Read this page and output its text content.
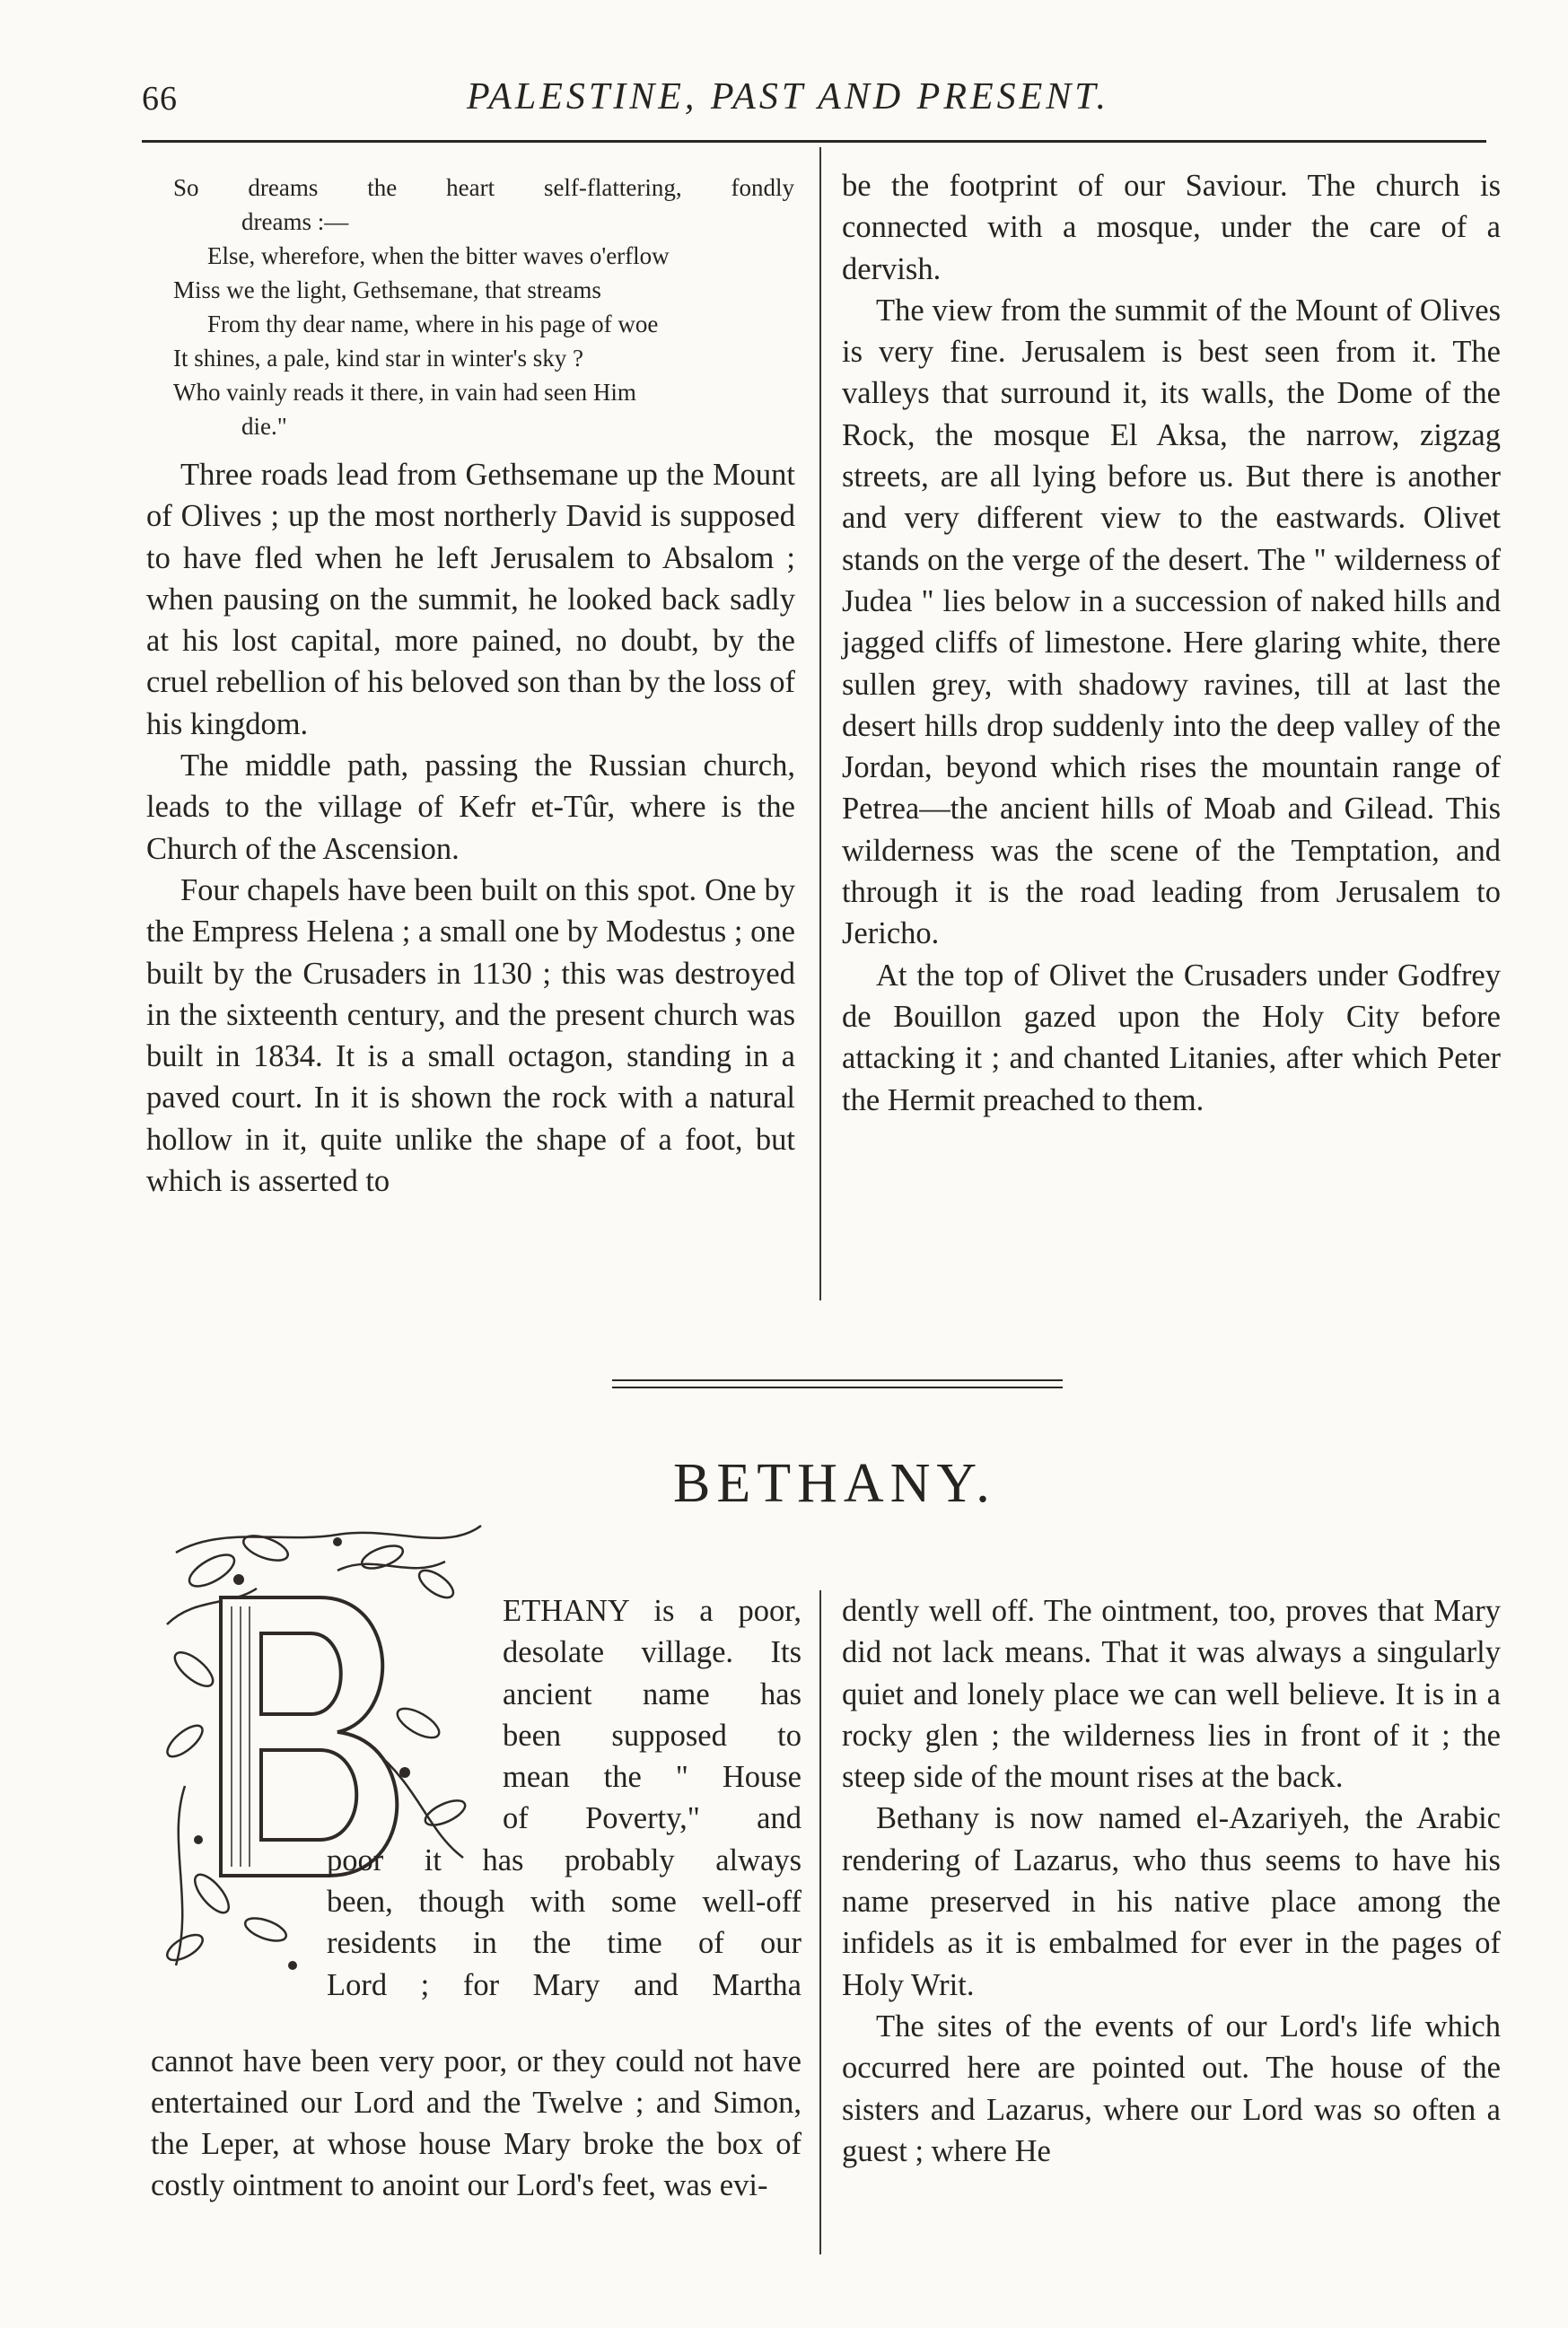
66	PALESTINE, PAST AND PRESENT.
So dreams the heart self-flattering, fondly
dreams :—
Else, wherefore, when the bitter waves o'erflow
Miss we the light, Gethsemane, that streams
From thy dear name, where in his page of woe
It shines, a pale, kind star in winter's sky ?
Who vainly reads it there, in vain had seen Him
die."

Three roads lead from Gethsemane up the Mount of Olives ; up the most northerly David is supposed to have fled when he left Jerusalem to Absalom ; when pausing on the summit, he looked back sadly at his lost capital, more pained, no doubt, by the cruel rebellion of his beloved son than by the loss of his kingdom.

The middle path, passing the Russian church, leads to the village of Kefr et-Tûr, where is the Church of the Ascension.

Four chapels have been built on this spot. One by the Empress Helena ; a small one by Modestus ; one built by the Crusaders in 1130 ; this was destroyed in the sixteenth century, and the present church was built in 1834. It is a small octagon, standing in a paved court. In it is shown the rock with a natural hollow in it, quite unlike the shape of a foot, but which is asserted to

be the footprint of our Saviour. The church is connected with a mosque, under the care of a dervish.

The view from the summit of the Mount of Olives is very fine. Jerusalem is best seen from it. The valleys that surround it, its walls, the Dome of the Rock, the mosque El Aksa, the narrow, zigzag streets, are all lying before us. But there is another and very different view to the eastwards. Olivet stands on the verge of the desert. The " wilderness of Judea " lies below in a succession of naked hills and jagged cliffs of limestone. Here glaring white, there sullen grey, with shadowy ravines, till at last the desert hills drop suddenly into the deep valley of the Jordan, beyond which rises the mountain range of Petrea—the ancient hills of Moab and Gilead. This wilderness was the scene of the Temptation, and through it is the road leading from Jerusalem to Jericho.

At the top of Olivet the Crusaders under Godfrey de Bouillon gazed upon the Holy City before attacking it ; and chanted Litanies, after which Peter the Hermit preached to them.

BETHANY.
ETHANY is a poor,
desolate village. Its
ancient name has
been supposed to
mean the " House
of Poverty," and
poor it has probably always
been, though with some well-off
residents in the time of our
Lord ; for Mary and Martha

cannot have been very poor, or they could not have entertained our Lord and the Twelve ; and Simon, the Leper, at whose house Mary broke the box of costly ointment to anoint our Lord's feet, was evi-

dently well off. The ointment, too, proves that Mary did not lack means. That it was always a singularly quiet and lonely place we can well believe. It is in a rocky glen ; the wilderness lies in front of it ; the steep side of the mount rises at the back.

Bethany is now named el-Azariyeh, the Arabic rendering of Lazarus, who thus seems to have his name preserved in his native place among the infidels as it is embalmed for ever in the pages of Holy Writ.

The sites of the events of our Lord's life which occurred here are pointed out. The house of the sisters and Lazarus, where our Lord was so often a guest ; where He
